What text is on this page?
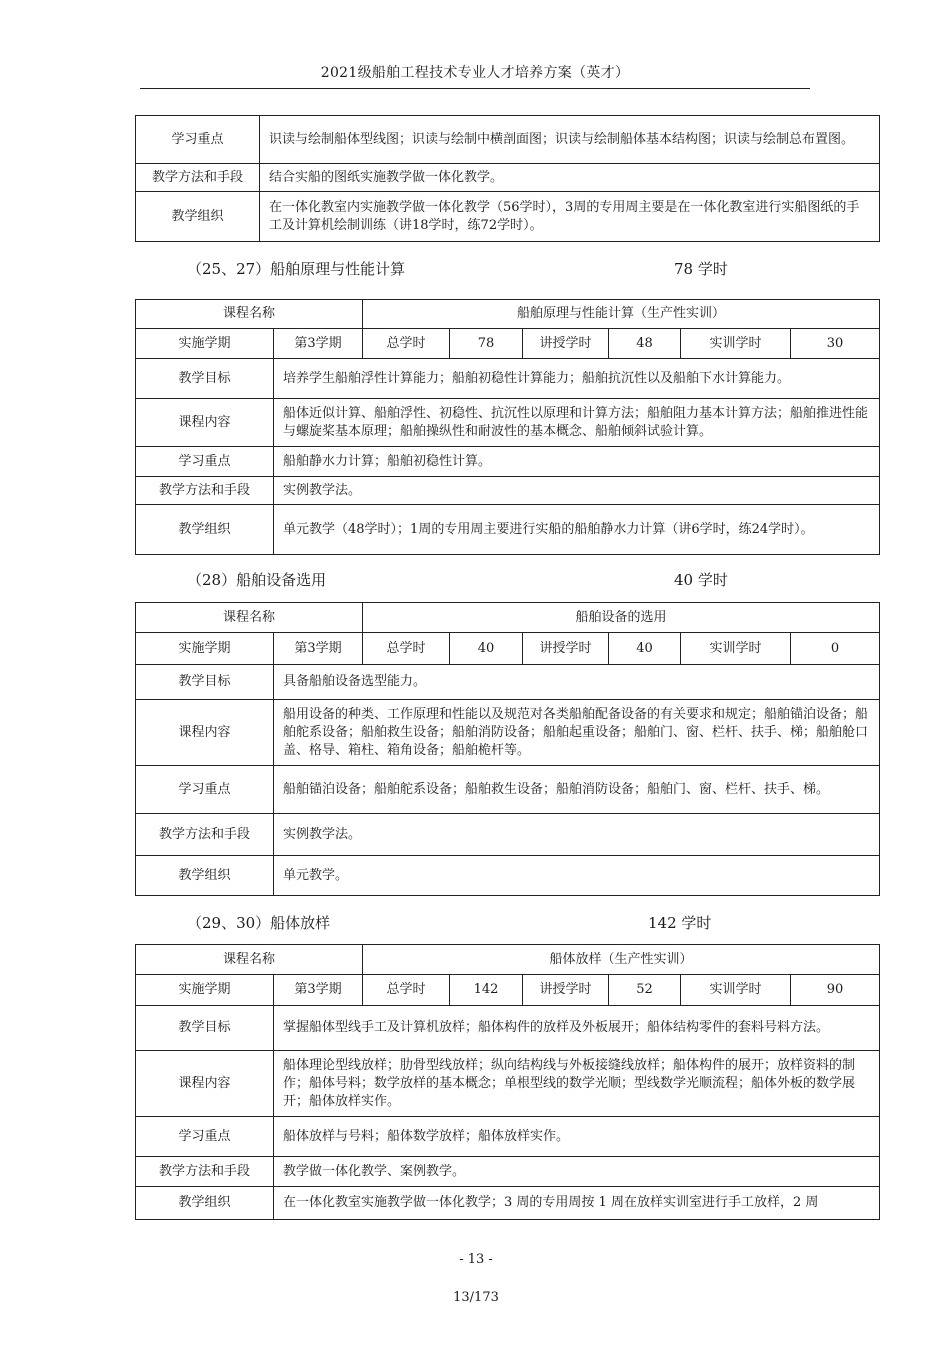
2021级船舶工程技术专业人才培养方案（英才）
学习重点	识读与绘制船体型线图；识读与绘制中横剖面图；识读与绘制船体基本结构图；识读与绘制总布置图。
教学方法和手段	结合实船的图纸实施教学做一体化教学。
教学组织	在一体化教室内实施教学做一体化教学（56学时），3周的专用周主要是在一体化教室进行实船图纸的手工及计算机绘制训练（讲18学时，练72学时）。
（25、27）船舶原理与性能计算	78 学时
课程名称		船舶原理与性能计算（生产性实训）					
实施学期	第3学期	总学时	78	讲授学时	48	实训学时	30
教学目标	培养学生船舶浮性计算能力；船舶初稳性计算能力；船舶抗沉性以及船舶下水计算能力。						
课程内容	船体近似计算、船舶浮性、初稳性、抗沉性以原理和计算方法；船舶阻力基本计算方法；船舶推进性能与螺旋桨基本原理；船舶操纵性和耐波性的基本概念、船舶倾斜试验计算。						
学习重点	船舶静水力计算；船舶初稳性计算。						
教学方法和手段	实例教学法。						
教学组织	单元教学（48学时）；1周的专用周主要进行实船的船舶静水力计算（讲6学时，练24学时）。						
（28）船舶设备选用	40 学时
课程名称		船舶设备的选用					
实施学期	第3学期	总学时	40	讲授学时	40	实训学时	0
教学目标	具备船舶设备选型能力。						
课程内容	船用设备的种类、工作原理和性能以及规范对各类船舶配备设备的有关要求和规定；船舶锚泊设备；船舶舵系设备；船舶救生设备；船舶消防设备；船舶起重设备；船舶门、窗、栏杆、扶手、梯；船舶舱口盖、格导、箱柱、箱角设备；船舶桅杆等。						
学习重点	船舶锚泊设备；船舶舵系设备；船舶救生设备；船舶消防设备；船舶门、窗、栏杆、扶手、梯。						
教学方法和手段	实例教学法。						
教学组织	单元教学。						
（29、30）船体放样	142 学时
课程名称		船体放样（生产性实训）					
实施学期	第3学期	总学时	142	讲授学时	52	实训学时	90
教学目标	掌握船体型线手工及计算机放样；船体构件的放样及外板展开；船体结构零件的套料号料方法。						
课程内容	船体理论型线放样；肋骨型线放样；纵向结构线与外板接缝线放样；船体构件的展开；放样资料的制作；船体号料；数学放样的基本概念；单根型线的数学光顺；型线数学光顺流程；船体外板的数学展开；船体放样实作。						
学习重点	船体放样与号料；船体数学放样；船体放样实作。						
教学方法和手段	教学做一体化教学、案例教学。						
教学组织	在一体化教室实施教学做一体化教学；3 周的专用周按 1 周在放样实训室进行手工放样，2 周						
- 13 -
13/173
